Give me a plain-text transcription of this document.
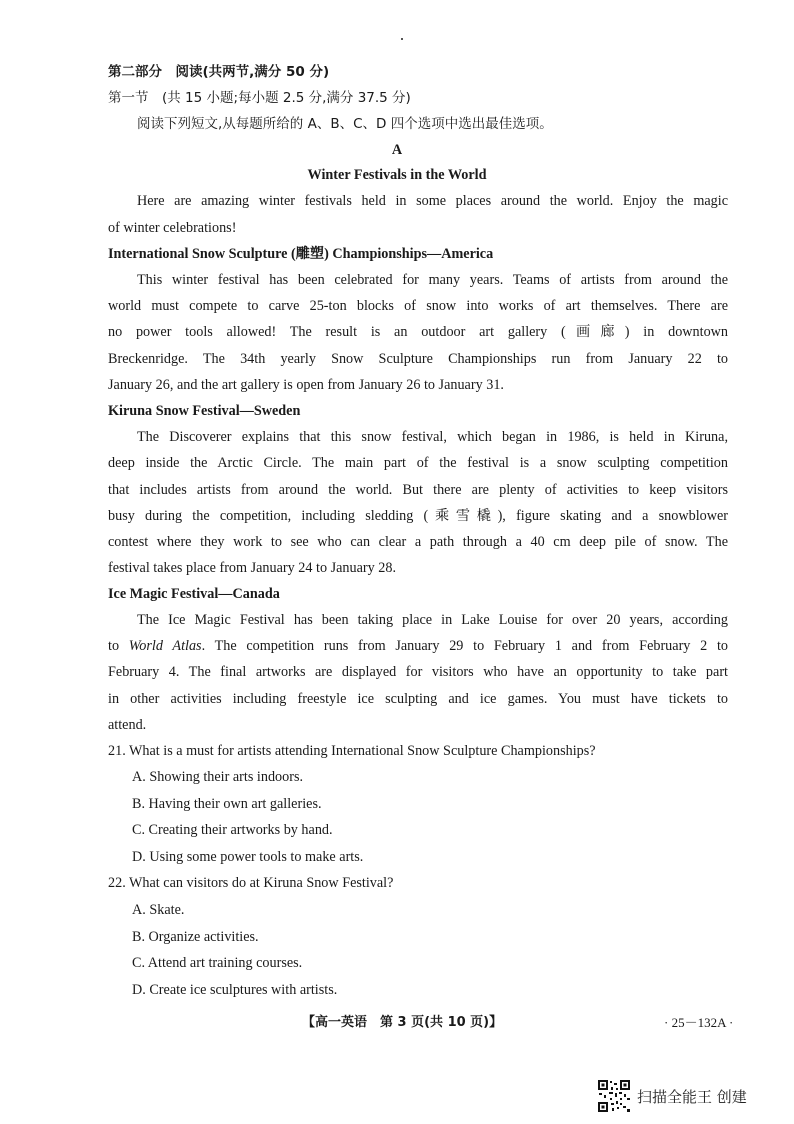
第二部分　阅读(共两节,满分 50 分)
第一节　(共 15 小题;每小题 2.5 分,满分 37.5 分)
阅读下列短文,从每题所给的 A、B、C、D 四个选项中选出最佳选项。
A
Winter Festivals in the World
Here are amazing winter festivals held in some places around the world. Enjoy the magic
of winter celebrations!
International Snow Sculpture (雕塑) Championships—America
This winter festival has been celebrated for many years. Teams of artists from around the
world must compete to carve 25-ton blocks of snow into works of art themselves. There are
no power tools allowed! The result is an outdoor art gallery (画廊) in downtown
Breckenridge. The 34th yearly Snow Sculpture Championships run from January 22 to
January 26, and the art gallery is open from January 26 to January 31.
Kiruna Snow Festival—Sweden
The Discoverer explains that this snow festival, which began in 1986, is held in Kiruna,
deep inside the Arctic Circle. The main part of the festival is a snow sculpting competition
that includes artists from around the world. But there are plenty of activities to keep visitors
busy during the competition, including sledding (乘雪橇), figure skating and a snowblower
contest where they work to see who can clear a path through a 40 cm deep pile of snow. The
festival takes place from January 24 to January 28.
Ice Magic Festival—Canada
The Ice Magic Festival has been taking place in Lake Louise for over 20 years, according
to World Atlas. The competition runs from January 29 to February 1 and from February 2 to
February 4. The final artworks are displayed for visitors who have an opportunity to take part
in other activities including freestyle ice sculpting and ice games. You must have tickets to
attend.
21. What is a must for artists attending International Snow Sculpture Championships?
A. Showing their arts indoors.
B. Having their own art galleries.
C. Creating their artworks by hand.
D. Using some power tools to make arts.
22. What can visitors do at Kiruna Snow Festival?
A. Skate.
B. Organize activities.
C. Attend art training courses.
D. Create ice sculptures with artists.
【高一英语　第 3 页(共 10 页)】	· 25－132A ·
扫描全能王 创建
